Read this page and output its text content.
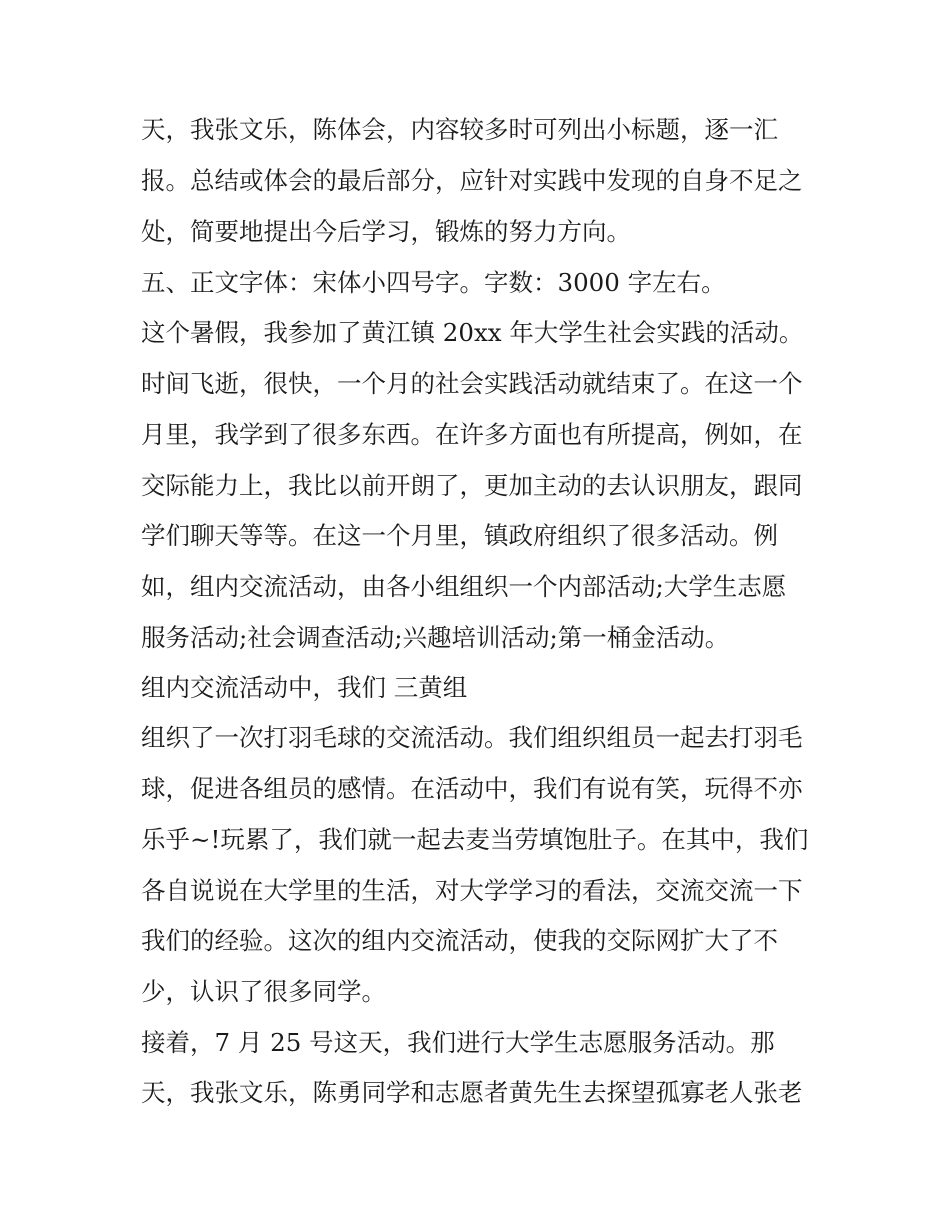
天，我张文乐，陈体会，内容较多时可列出小标题，逐一汇

报。总结或体会的最后部分，应针对实践中发现的自身不足之

处，简要地提出今后学习，锻炼的努力方向。

五、正文字体：宋体小四号字。字数：3000 字左右。

这个暑假，我参加了黄江镇 20xx 年大学生社会实践的活动。

时间飞逝，很快，一个月的社会实践活动就结束了。在这一个

月里，我学到了很多东西。在许多方面也有所提高，例如，在

交际能力上，我比以前开朗了，更加主动的去认识朋友，跟同

学们聊天等等。在这一个月里，镇政府组织了很多活动。例

如，组内交流活动，由各小组组织一个内部活动;大学生志愿

服务活动;社会调查活动;兴趣培训活动;第一桶金活动。

组内交流活动中，我们 三黄组

组织了一次打羽毛球的交流活动。我们组织组员一起去打羽毛

球，促进各组员的感情。在活动中，我们有说有笑，玩得不亦

乐乎~!玩累了，我们就一起去麦当劳填饱肚子。在其中，我们

各自说说在大学里的生活，对大学学习的看法，交流交流一下

我们的经验。这次的组内交流活动，使我的交际网扩大了不

少，认识了很多同学。

接着，7 月 25 号这天，我们进行大学生志愿服务活动。那

天，我张文乐，陈勇同学和志愿者黄先生去探望孤寡老人张老
